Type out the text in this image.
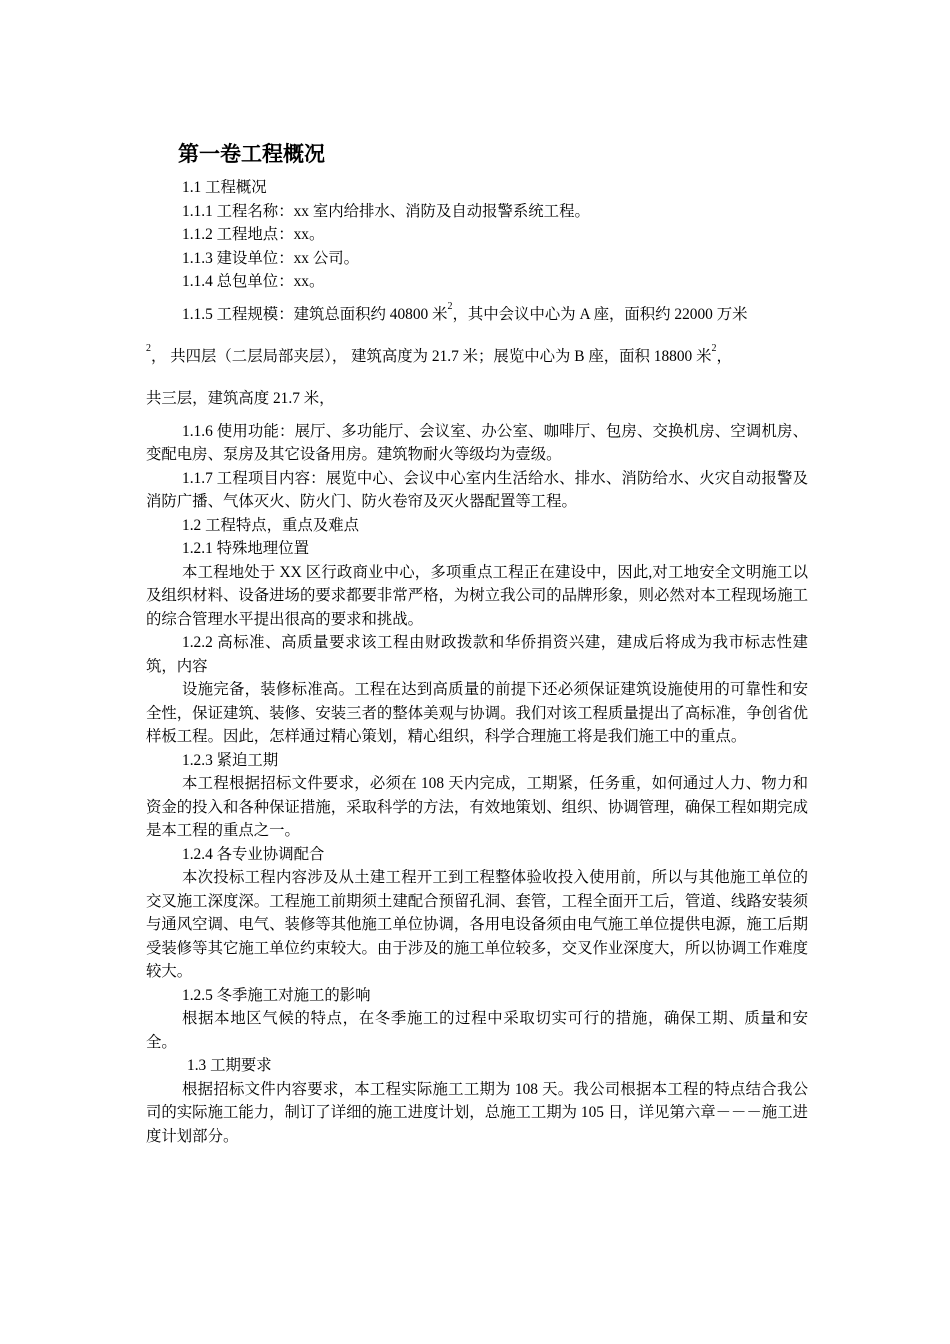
第一卷工程概况

1.1 工程概况

1.1.1 工程名称：xx 室内给排水、消防及自动报警系统工程。

1.1.2 工程地点：xx。

1.1.3 建设单位：xx 公司。

1.1.4 总包单位：xx。

1.1.5 工程规模：建筑总面积约 40800 米$^2$，其中会议中心为 A 座，面积约 22000 万米

$^2$， 共四层（二层局部夹层）， 建筑高度为 21.7 米；展览中心为 B 座，面积 18800 米$^2$，

共三层，建筑高度 21.7 米，

1.1.6 使用功能：展厅、多功能厅、会议室、办公室、咖啡厅、包房、交换机房、空调机房、变配电房、泵房及其它设备用房。建筑物耐火等级均为壹级。

1.1.7 工程项目内容：展览中心、会议中心室内生活给水、排水、消防给水、火灾自动报警及消防广播、气体灭火、防火门、防火卷帘及灭火器配置等工程。

1.2 工程特点，重点及难点

1.2.1 特殊地理位置

本工程地处于 XX 区行政商业中心，多项重点工程正在建设中，因此,对工地安全文明施工以及组织材料、设备进场的要求都要非常严格，为树立我公司的品牌形象，则必然对本工程现场施工的综合管理水平提出很高的要求和挑战。

1.2.2 高标准、高质量要求该工程由财政拨款和华侨捐资兴建，建成后将成为我市标志性建筑，内容

设施完备，装修标准高。工程在达到高质量的前提下还必须保证建筑设施使用的可靠性和安全性，保证建筑、装修、安装三者的整体美观与协调。我们对该工程质量提出了高标准，争创省优样板工程。因此，怎样通过精心策划，精心组织，科学合理施工将是我们施工中的重点。

1.2.3 紧迫工期

本工程根据招标文件要求，必须在 108 天内完成，工期紧，任务重，如何通过人力、物力和资金的投入和各种保证措施，采取科学的方法，有效地策划、组织、协调管理，确保工程如期完成是本工程的重点之一。

1.2.4 各专业协调配合

本次投标工程内容涉及从土建工程开工到工程整体验收投入使用前，所以与其他施工单位的交叉施工深度深。工程施工前期须土建配合预留孔洞、套管，工程全面开工后，管道、线路安装须与通风空调、电气、装修等其他施工单位协调，各用电设备须由电气施工单位提供电源，施工后期受装修等其它施工单位约束较大。由于涉及的施工单位较多，交叉作业深度大，所以协调工作难度较大。

1.2.5 冬季施工对施工的影响

根据本地区气候的特点，在冬季施工的过程中采取切实可行的措施，确保工期、质量和安全。

1.3 工期要求

根据招标文件内容要求，本工程实际施工工期为 108 天。我公司根据本工程的特点结合我公司的实际施工能力，制订了详细的施工进度计划，总施工工期为 105 日，详见第六章－－－施工进度计划部分。
